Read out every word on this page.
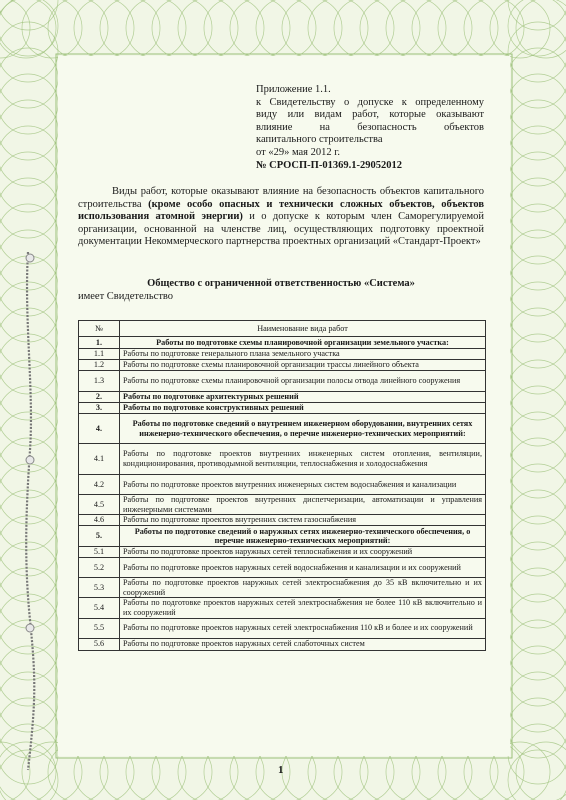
Приложение 1.1.
к Свидетельству о допуске к определенному
виду или видам работ, которые оказывают
влияние на безопасность объектов
капитального строительства
от «29» мая 2012 г.
№ СРОСП-П-01369.1-29052012
Виды работ, которые оказывают влияние на безопасность объектов капитального строительства (кроме особо опасных и технически сложных объектов, объектов использования атомной энергии) и о допуске к которым член Саморегулируемой организации, основанной на членстве лиц, осуществляющих подготовку проектной документации Некоммерческого партнерства проектных организаций «Стандарт-Проект»
Общество с ограниченной ответственностью «Система»
имеет Свидетельство
№	Наименование вида работ
1.	Работы по подготовке схемы планировочной организации земельного участка:
1.1	Работы по подготовке генерального плана земельного участка
1.2	Работы по подготовке схемы планировочной организации трассы линейного объекта
1.3	Работы по подготовке схемы планировочной организации полосы отвода линейного сооружения
2.	Работы по подготовке архитектурных решений
3.	Работы по подготовке конструктивных решений
4.	Работы по подготовке сведений о внутреннем инженерном оборудовании, внутренних сетях инженерно-технического обеспечения, о перечне инженерно-технических мероприятий:
4.1	Работы по подготовке проектов внутренних инженерных систем отопления, вентиляции, кондиционирования, противодымной вентиляции, теплоснабжения и холодоснабжения
4.2	Работы по подготовке проектов внутренних инженерных систем водоснабжения и канализации
4.5	Работы по подготовке проектов внутренних диспетчеризации, автоматизации и управления инженерными системами
4.6	Работы по подготовке проектов внутренних систем газоснабжения
5.	Работы по подготовке сведений о наружных сетях инженерно-технического обеспечения, о перечне инженерно-технических мероприятий:
5.1	Работы по подготовке проектов наружных сетей теплоснабжения и их сооружений
5.2	Работы по подготовке проектов наружных сетей водоснабжения и канализации и их сооружений
5.3	Работы по подготовке проектов наружных сетей электроснабжения до 35 кВ включительно и их сооружений
5.4	Работы по подготовке проектов наружных сетей электроснабжения не более 110 кВ включительно и их сооружений
5.5	Работы по подготовке проектов наружных сетей электроснабжения 110 кВ и более и их сооружений
5.6	Работы по подготовке проектов наружных сетей слаботочных систем
1
